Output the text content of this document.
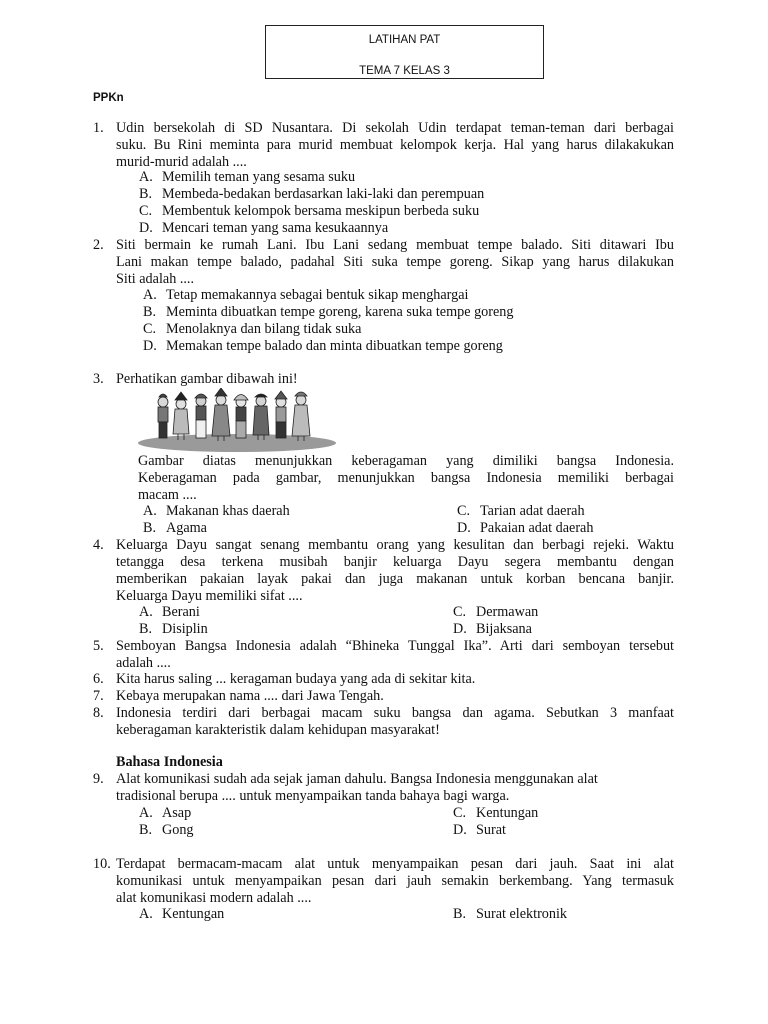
LATIHAN PAT
TEMA 7 KELAS 3
PPKn
1. Udin bersekolah di SD Nusantara. Di sekolah Udin terdapat teman-teman dari berbagai

suku. Bu Rini meminta para murid membuat kelompok kerja. Hal yang harus dilakakukan

murid-murid adalah ....

A. Memilih teman yang sesama suku
B. Membeda-bedakan berdasarkan laki-laki dan perempuan
C. Membentuk kelompok bersama meskipun berbeda suku
D. Mencari teman yang sama kesukaannya
2. Siti bermain ke rumah Lani. Ibu Lani sedang membuat tempe balado. Siti ditawari Ibu

Lani makan tempe balado, padahal Siti suka tempe goreng. Sikap yang harus dilakukan

Siti adalah ....

A. Tetap memakannya sebagai bentuk sikap menghargai
B. Meminta dibuatkan tempe goreng, karena suka tempe goreng
C. Menolaknya dan bilang tidak suka
D. Memakan tempe balado dan minta dibuatkan tempe goreng
3. Perhatikan gambar dibawah ini!

Gambar diatas menunjukkan keberagaman yang dimiliki bangsa Indonesia.

Keberagaman pada gambar, menunjukkan bangsa Indonesia memiliki berbagai

macam ....

A. Makanan khas daerah	C. Tarian adat daerah
B. Agama	D. Pakaian adat daerah
4. Keluarga Dayu sangat senang membantu orang yang kesulitan dan berbagi rejeki. Waktu

tetangga desa terkena musibah banjir keluarga Dayu segera membantu dengan

memberikan pakaian layak pakai dan juga makanan untuk korban bencana banjir.

Keluarga Dayu memiliki sifat ....

A. Berani	C. Dermawan
B. Disiplin	D. Bijaksana
5. Semboyan Bangsa Indonesia adalah “Bhineka Tunggal Ika”. Arti dari semboyan tersebut

adalah ....

6. Kita harus saling ... keragaman budaya yang ada di sekitar kita.

7. Kebaya merupakan nama .... dari Jawa Tengah.

8. Indonesia terdiri dari berbagai macam suku bangsa dan agama. Sebutkan 3 manfaat

keberagaman karakteristik dalam kehidupan masyarakat!

Bahasa Indonesia
9. Alat komunikasi sudah ada sejak jaman dahulu. Bangsa Indonesia menggunakan alat

tradisional berupa .... untuk menyampaikan tanda bahaya bagi warga.

A. Asap	C. Kentungan
B. Gong	D. Surat
10. Terdapat bermacam-macam alat untuk menyampaikan pesan dari jauh. Saat ini alat

komunikasi untuk menyampaikan pesan dari jauh semakin berkembang. Yang termasuk

alat komunikasi modern adalah ....

A. Kentungan	B. Surat elektronik
